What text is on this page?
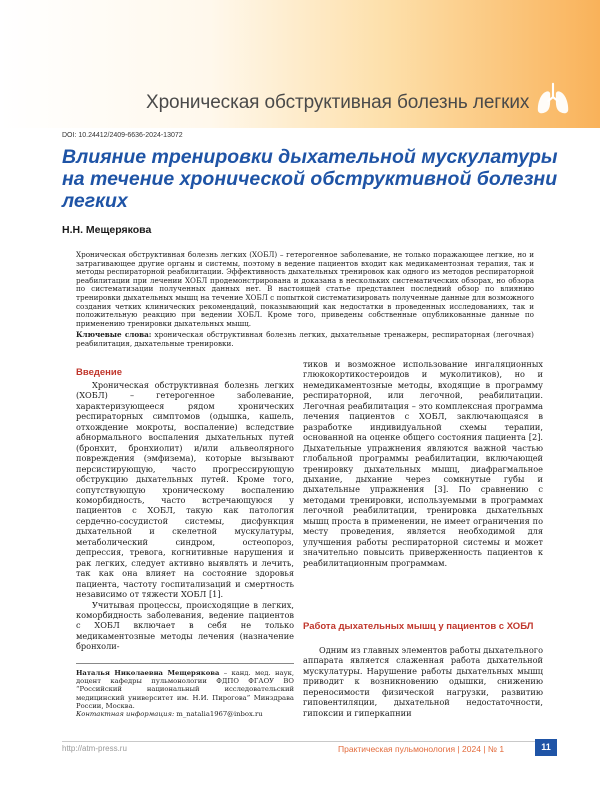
Хроническая обструктивная болезнь легких
DOI: 10.24412/2409-6636-2024-13072
Влияние тренировки дыхательной мускулатуры на течение хронической обструктивной болезни легких
Н.Н. Мещерякова
Хроническая обструктивная болезнь легких (ХОБЛ) – гетерогенное заболевание, не только поражающее легкие, но и затрагивающее другие органы и системы, поэтому в ведение пациентов входит как медикаментозная терапия, так и методы респираторной реабилитации. Эффективность дыхательных тренировок как одного из методов респираторной реабилитации при лечении ХОБЛ продемонстрирована и доказана в нескольких систематических обзорах, но обзора по систематизации полученных данных нет. В настоящей статье представлен последний обзор по влиянию тренировки дыхательных мышц на течение ХОБЛ с попыткой систематизировать полученные данные для возможного создания четких клинических рекомендаций, показывающий как недостатки в проведенных исследованиях, так и положительную реакцию при ведении ХОБЛ. Кроме того, приведены собственные опубликованные данные по применению тренировки дыхательных мышц.
Ключевые слова: хроническая обструктивная болезнь легких, дыхательные тренажеры, респираторная (легочная) реабилитация, дыхательные тренировки.
Введение

Хроническая обструктивная болезнь легких (ХОБЛ) – гетерогенное заболевание, характеризующееся рядом хронических респираторных симптомов (одышка, кашель, отхождение мокроты, воспаление) вследствие абнормального воспаления дыхательных путей (бронхит, бронхиолит) и/или альвеолярного повреждения (эмфизема), которые вызывают персистирующую, часто прогрессирующую обструкцию дыхательных путей. Кроме того, сопутствующую хроническому воспалению коморбидность, часто встречающуюся у пациентов с ХОБЛ, такую как патология сердечно-сосудистой системы, дисфункция дыхательной и скелетной мускулатуры, метаболический синдром, остеопороз, депрессия, тревога, когнитивные нарушения и рак легких, следует активно выявлять и лечить, так как она влияет на состояние здоровья пациента, частоту госпитализаций и смертность независимо от тяжести ХОБЛ [1].

Учитывая процессы, происходящие в легких, коморбидность заболевания, ведение пациентов с ХОБЛ включает в себя не только медикаментозные методы лечения (назначение бронхоли-

тиков и возможное использование ингаляционных глюкокортикостероидов и муколитиков), но и немедикаментозные методы, входящие в программу респираторной, или легочной, реабилитации. Легочная реабилитация – это комплексная программа лечения пациентов с ХОБЛ, заключающаяся в разработке индивидуальной схемы терапии, основанной на оценке общего состояния пациента [2]. Дыхательные упражнения являются важной частью глобальной программы реабилитации, включающей тренировку дыхательных мышц, диафрагмальное дыхание, дыхание через сомкнутые губы и дыхательные упражнения [3]. По сравнению с методами тренировки, используемыми в программах легочной реабилитации, тренировка дыхательных мышц проста в применении, не имеет ограничения по месту проведения, является необходимой для улучшения работы респираторной системы и может значительно повысить приверженность пациентов к реабилитационным программам.

Работа дыхательных мышц у пациентов с ХОБЛ

Одним из главных элементов работы дыхательного аппарата является слаженная работа дыхательной мускулатуры. Нарушение работы дыхательных мышц приводит к возникновению одышки, снижению переносимости физической нагрузки, развитию гиповентиляции, дыхательной недостаточности, гипоксии и гиперкапнии

Наталья Николаевна Мещерякова – канд. мед. наук, доцент кафедры пульмонологии ФДПО ФГАОУ ВО “Российский национальный исследовательский медицинский университет им. Н.И. Пирогова” Минздрава России, Москва.
Контактная информация: m_natalia1967@inbox.ru
http://atm-press.ru	Практическая пульмонология | 2024 | № 1	11
